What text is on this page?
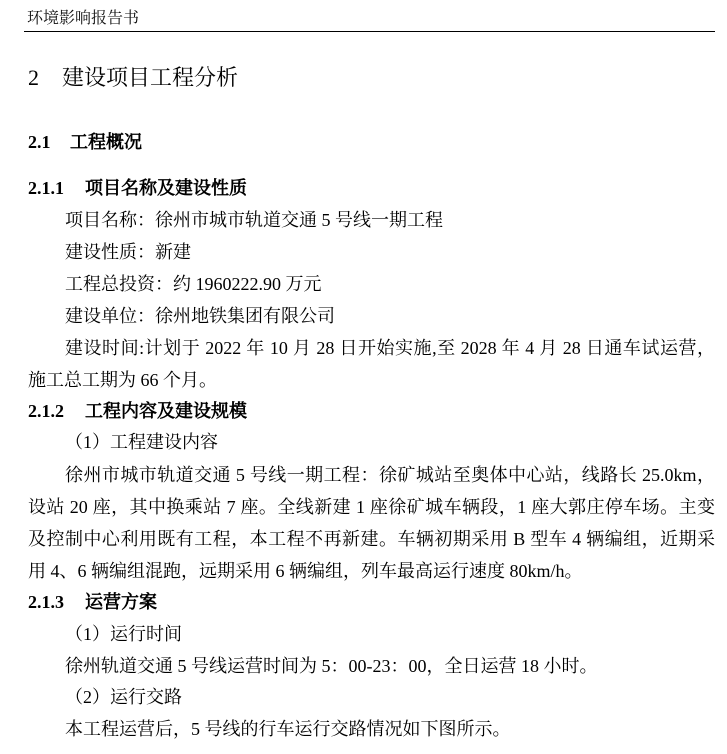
环境影响报告书
2 建设项目工程分析
2.1 工程概况
2.1.1 项目名称及建设性质
项目名称：徐州市城市轨道交通 5 号线一期工程
建设性质：新建
工程总投资：约 1960222.90 万元
建设单位：徐州地铁集团有限公司
建设时间:计划于 2022 年 10 月 28 日开始实施,至 2028 年 4 月 28 日通车试运营，
施工总工期为 66 个月。
2.1.2 工程内容及建设规模
（1）工程建设内容
徐州市城市轨道交通 5 号线一期工程：徐矿城站至奥体中心站，线路长 25.0km，
设站 20 座，其中换乘站 7 座。全线新建 1 座徐矿城车辆段，1 座大郭庄停车场。主变
及控制中心利用既有工程，本工程不再新建。车辆初期采用 B 型车 4 辆编组，近期采
用 4、6 辆编组混跑，远期采用 6 辆编组，列车最高运行速度 80km/h。
2.1.3 运营方案
（1）运行时间
徐州轨道交通 5 号线运营时间为 5：00-23：00，全日运营 18 小时。
（2）运行交路
本工程运营后，5 号线的行车运行交路情况如下图所示。
